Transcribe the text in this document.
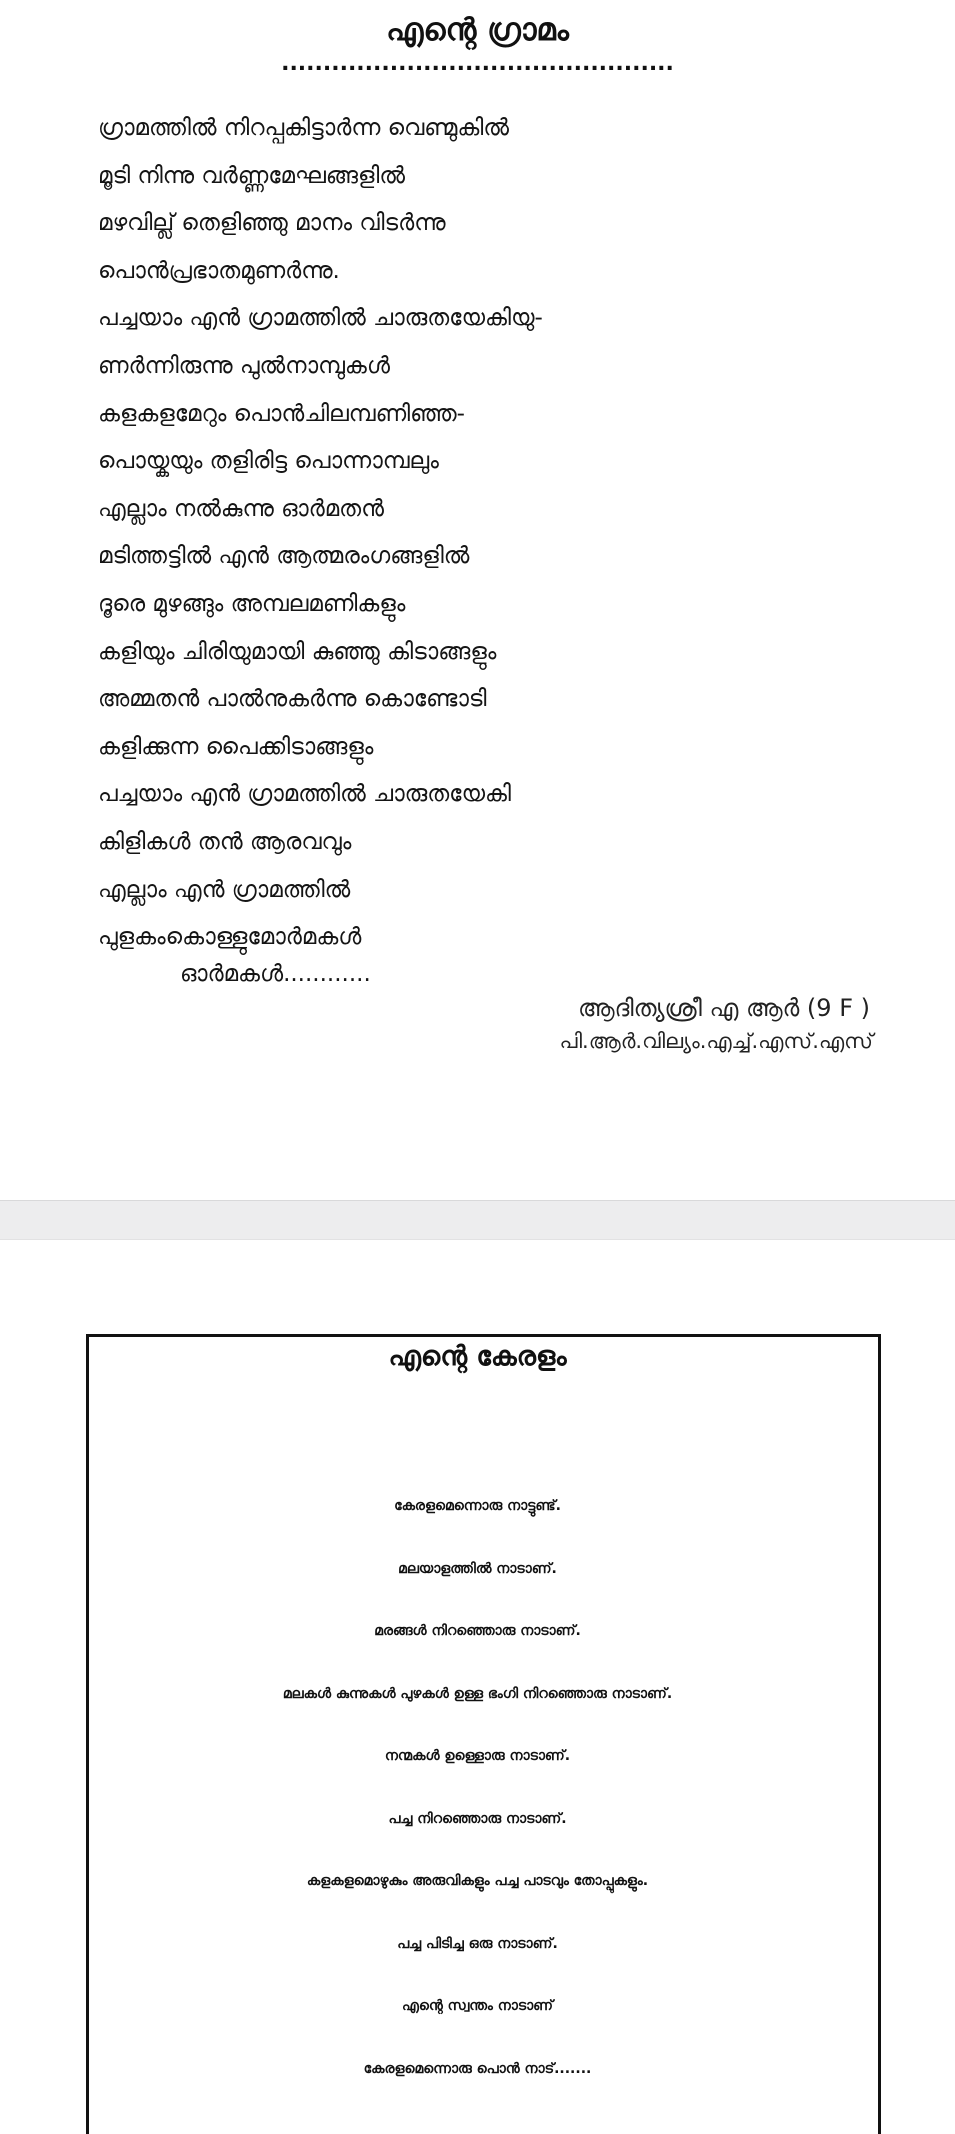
എന്റെ ഗ്രാമം
...............................................
ഗ്രാമത്തിൽ നിറപ്പകിട്ടാർന്ന വെണ്മുകിൽ
മൂടി നിന്നു വർണ്ണമേഘങ്ങളിൽ
മഴവില്ല് തെളിഞ്ഞു മാനം വിടർന്നു
പൊൻപ്രഭാതമുണർന്നു.
പച്ചയാം എൻ ഗ്രാമത്തിൽ ചാരുതയേകിയു-
ണർന്നിരുന്നു പുൽനാമ്പുകൾ
കളകളമേറും പൊൻചിലമ്പണിഞ്ഞ-
പൊയ്കയും തളിരിട്ട പൊന്നാമ്പലും
എല്ലാം നൽകുന്നു ഓർമതൻ
മടിത്തട്ടിൽ എൻ ആത്മരംഗങ്ങളിൽ
ദൂരെ മുഴങ്ങും അമ്പലമണികളും
കളിയും ചിരിയുമായി കുഞ്ഞു കിടാങ്ങളും
അമ്മതൻ പാൽനുകർന്നു കൊണ്ടോടി
കളിക്കുന്ന പൈക്കിടാങ്ങളും
പച്ചയാം എൻ ഗ്രാമത്തിൽ ചാരുതയേകി
കിളികൾ തൻ ആരവവും
എല്ലാം എൻ ഗ്രാമത്തിൽ
പുളകംകൊള്ളുമോർമകൾ
ഓർമകൾ............
ആദിത്യശ്രീ എ ആർ (9 F )
പി.ആർ.വില്യം.എച്ച്.എസ്.എസ്
എന്റെ കേരളം
കേരളമെന്നൊരു നാട്ടുണ്ട്.
മലയാളത്തിൽ നാടാണ്.
മരങ്ങൾ നിറഞ്ഞൊരു നാടാണ്.
മലകൾ കുന്നുകൾ പുഴകൾ ഉള്ള ഭംഗി നിറഞ്ഞൊരു നാടാണ്.
നന്മകൾ ഉള്ളൊരു നാടാണ്.
പച്ച നിറഞ്ഞൊരു നാടാണ്.
കളകളമൊഴുകും അരുവികളും പച്ച പാടവും തോപ്പുകളും.
പച്ച പിടിച്ച ഒരു നാടാണ്.
എന്റെ സ്വന്തം നാടാണ്
കേരളമെന്നൊരു പൊൻ നാട്.......
